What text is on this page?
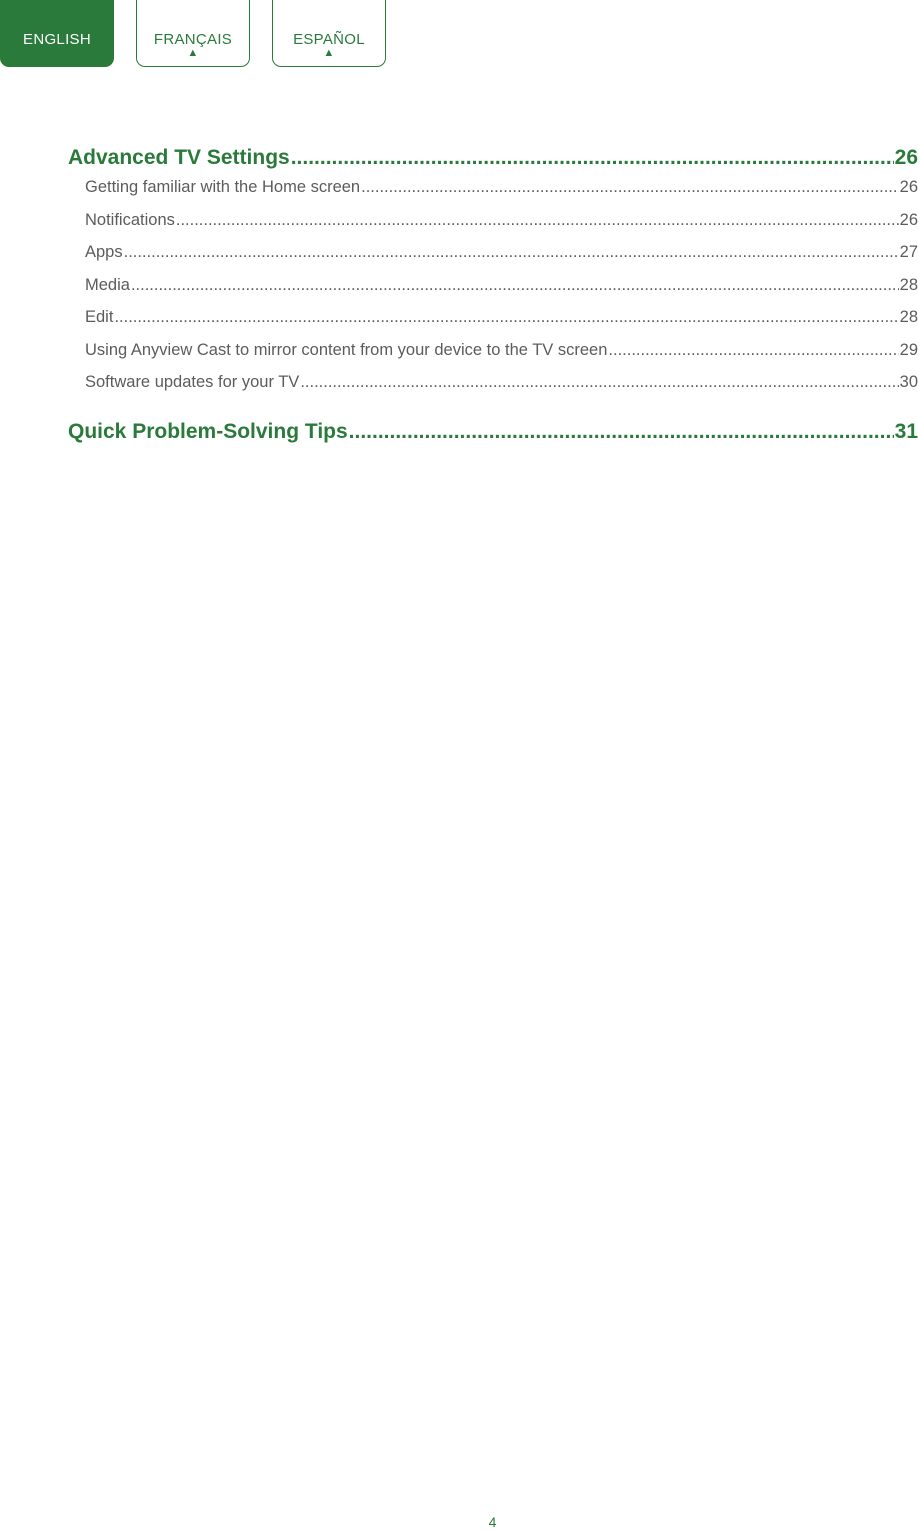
ENGLISH	FRANÇAIS
▲
ESPAÑOL
▲
Advanced TV Settings .....	26
Getting familiar with the Home screen .....	26
Notifications .....	26
Apps .....	27
Media .....	28
Edit .....	28
Using Anyview Cast to mirror content from your device to the TV screen .....	29
Software updates for your TV .....	30
Quick Problem-Solving Tips .....	31
4
